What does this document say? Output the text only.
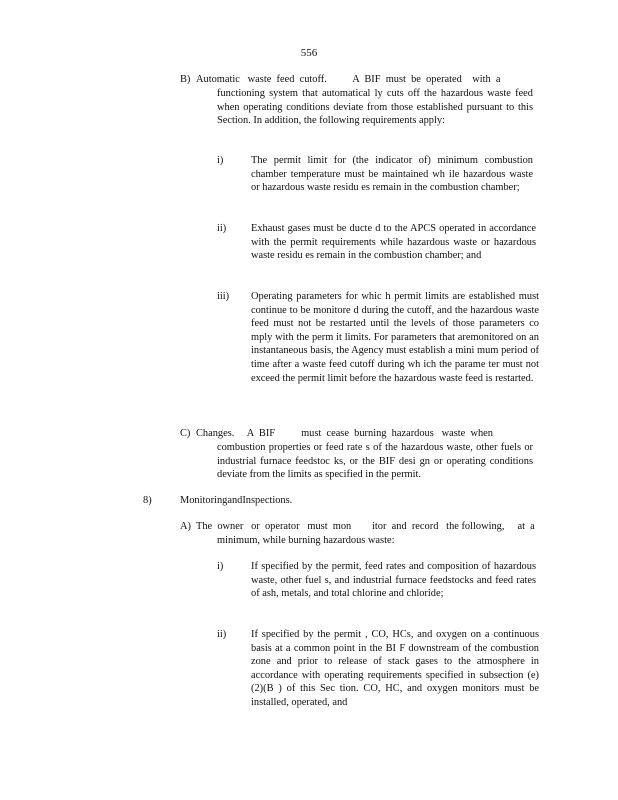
556
B) Automatic   waste  feed  cutoff.          A  BIF  must  be  operated    with  a
functioning system that automatical ly cuts off the hazardous waste feed when operating conditions deviate from those established pursuant to this Section. In addition, the following requirements apply:
i)	The permit limit for (the indicator of) minimum combustion chamber temperature must be maintained wh ile hazardous waste or hazardous waste residu es remain in the combustion chamber;
ii) Exhaust gases must be ducte d to the APCS operated in accordance with the permit requirements while hazardous waste or hazardous waste residu es remain in the combustion chamber; and
iii) Operating parameters for whic h permit limits are established must continue to be monitore d during the cutoff, and the hazardous waste feed must not be restarted until the levels of those parameters co mply with the perm it limits. For parameters that aremonitored on an instantaneous basis, the Agency must establish a mini mum period of time after a waste feed cutoff during wh ich the parame ter must not exceed the permit limit before the hazardous waste feed is restarted.
C) Changes.     A  BIF          must  cease  burning  hazardous   waste  when
combustion properties or feed rate s of the hazardous waste, other fuels or industrial furnace feedstoc ks, or the BIF desi gn or operating conditions deviate from the limits as specified in the permit.
8)	MonitoringandInspections.
A) The  owner   or  operator   must  mon        itor  and  record   the following,     at  a
minimum, while burning hazardous waste:
i)	If specified by the permit, feed rates and composition of hazardous waste, other fuel s, and industrial furnace feedstocks and feed rates of ash, metals, and total chlorine and chloride;
ii) If specified by the permit , CO, HCs, and oxygen on a continuous basis at a common point in the BI F downstream of the combustion zone and prior to release of stack gases to the atmosphere in accordance with operating requirements specified in subsection (e)(2)(B ) of this Sec tion. CO, HC, and oxygen monitors must be installed, operated, and
